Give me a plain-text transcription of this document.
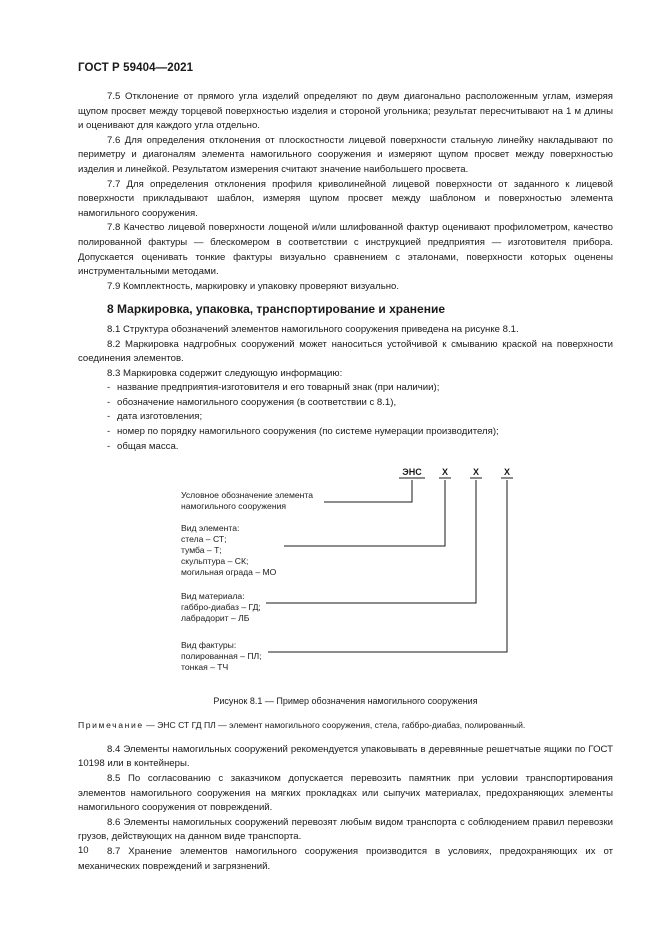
ГОСТ Р 59404—2021

7.5 Отклонение от прямого угла изделий определяют по двум диагонально расположенным углам, измеряя щупом просвет между торцевой поверхностью изделия и стороной угольника; результат пересчитывают на 1 м длины и оценивают для каждого угла отдельно.

7.6 Для определения отклонения от плоскостности лицевой поверхности стальную линейку накладывают по периметру и диагоналям элемента намогильного сооружения и измеряют щупом просвет между поверхностью изделия и линейкой. Результатом измерения считают значение наибольшего просвета.

7.7 Для определения отклонения профиля криволинейной лицевой поверхности от заданного к лицевой поверхности прикладывают шаблон, измеряя щупом просвет между шаблоном и поверхностью элемента намогильного сооружения.

7.8 Качество лицевой поверхности лощеной и/или шлифованной фактур оценивают профилометром, качество полированной фактуры — блескомером в соответствии с инструкцией предприятия — изготовителя прибора. Допускается оценивать тонкие фактуры визуально сравнением с эталонами, поверхности которых оценены инструментальными методами.

7.9 Комплектность, маркировку и упаковку проверяют визуально.

8 Маркировка, упаковка, транспортирование и хранение

8.1 Структура обозначений элементов намогильного сооружения приведена на рисунке 8.1.

8.2 Маркировка надгробных сооружений может наноситься устойчивой к смыванию краской на поверхности соединения элементов.

8.3 Маркировка содержит следующую информацию:

- название предприятия-изготовителя и его товарный знак (при наличии);
- обозначение намогильного сооружения (в соответствии с 8.1),
- дата изготовления;
- номер по порядку намогильного сооружения (по системе нумерации производителя);
- общая масса.
ЭНС X	X	X
Условное обозначение элемента
намогильного сооружения
Вид элемента:
стела – СТ;
тумба – Т;
скульптура – СК;
могильная ограда – МО
Вид материала:
габбро-диабаз – ГД;
лабрадорит – ЛБ
Вид фактуры:
полированная – ПЛ;
тонкая – ТЧ
Рисунок 8.1 — Пример обозначения намогильного сооружения

Примечание — ЭНС СТ ГД ПЛ — элемент намогильного сооружения, стела, габбро-диабаз, полированный.

8.4 Элементы намогильных сооружений рекомендуется упаковывать в деревянные решетчатые ящики по ГОСТ 10198 или в контейнеры.

8.5 По согласованию с заказчиком допускается перевозить памятник при условии транспортирования элементов намогильного сооружения на мягких прокладках или сыпучих материалах, предохраняющих элементы намогильного сооружения от повреждений.

8.6 Элементы намогильных сооружений перевозят любым видом транспорта с соблюдением правил перевозки грузов, действующих на данном виде транспорта.

8.7 Хранение элементов намогильного сооружения производится в условиях, предохраняющих их от механических повреждений и загрязнений.

10
